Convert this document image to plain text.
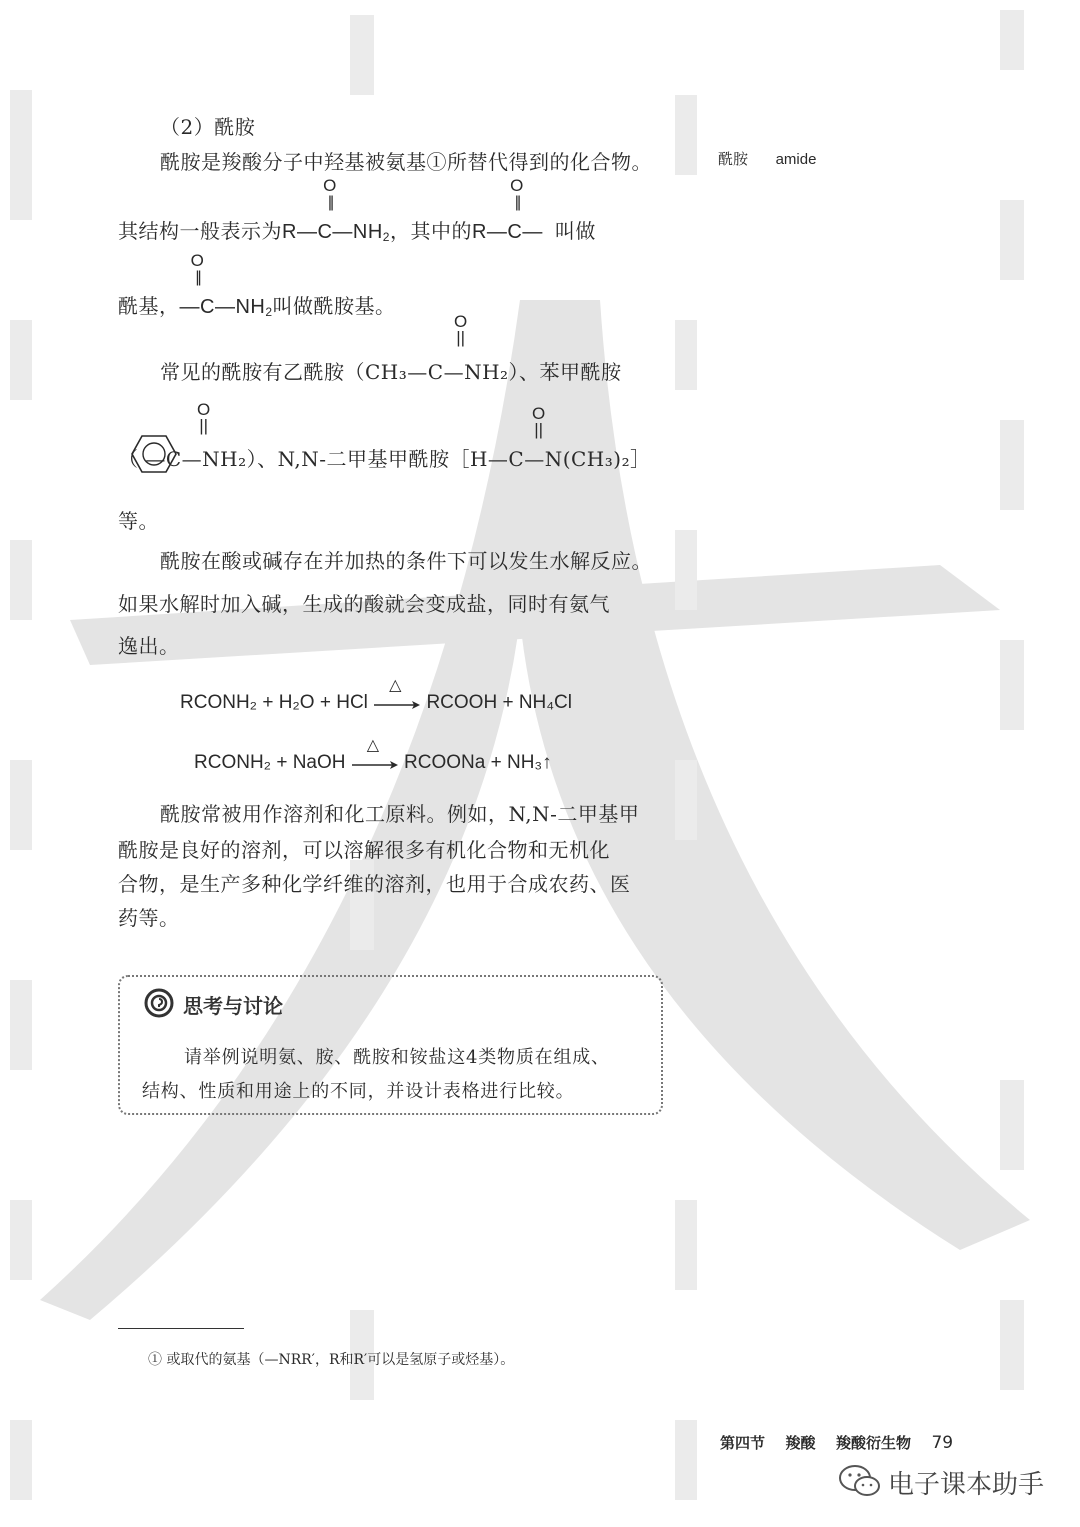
（2）酰胺
酰胺是羧酸分子中羟基被氨基①所替代得到的化合物。	酰胺 amide
其结构一般表示为
O
||
$R—C—NH_2$，其中的
O
||
R—C— 叫做
酰基，
O
||
$—C—NH_2$叫做酰胺基。
常见的酰胺有乙酰胺（CH₃—C—NH₂）、苯甲酰胺
O
||
（ —C—NH₂）、N,N-二甲基甲酰胺［H—C—N(CH₃)₂］
O
||
O
||
等。
酰胺在酸或碱存在并加热的条件下可以发生水解反应。
如果水解时加入碱，生成的酸就会变成盐，同时有氨气
逸出。
RCONH₂ + H₂O + HCl
△
RCOOH + NH₄Cl
RCONH₂ + NaOH
△
RCOONa + NH₃↑
酰胺常被用作溶剂和化工原料。例如，N,N-二甲基甲
酰胺是良好的溶剂，可以溶解很多有机化合物和无机化
合物，是生产多种化学纤维的溶剂，也用于合成农药、医
药等。
思考与讨论
请举例说明氨、胺、酰胺和铵盐这4类物质在组成、
结构、性质和用途上的不同，并设计表格进行比较。
① 或取代的氨基（—NRR′，R和R′可以是氢原子或烃基）。
第四节 羧酸 羧酸衍生物 79
电子课本助手
